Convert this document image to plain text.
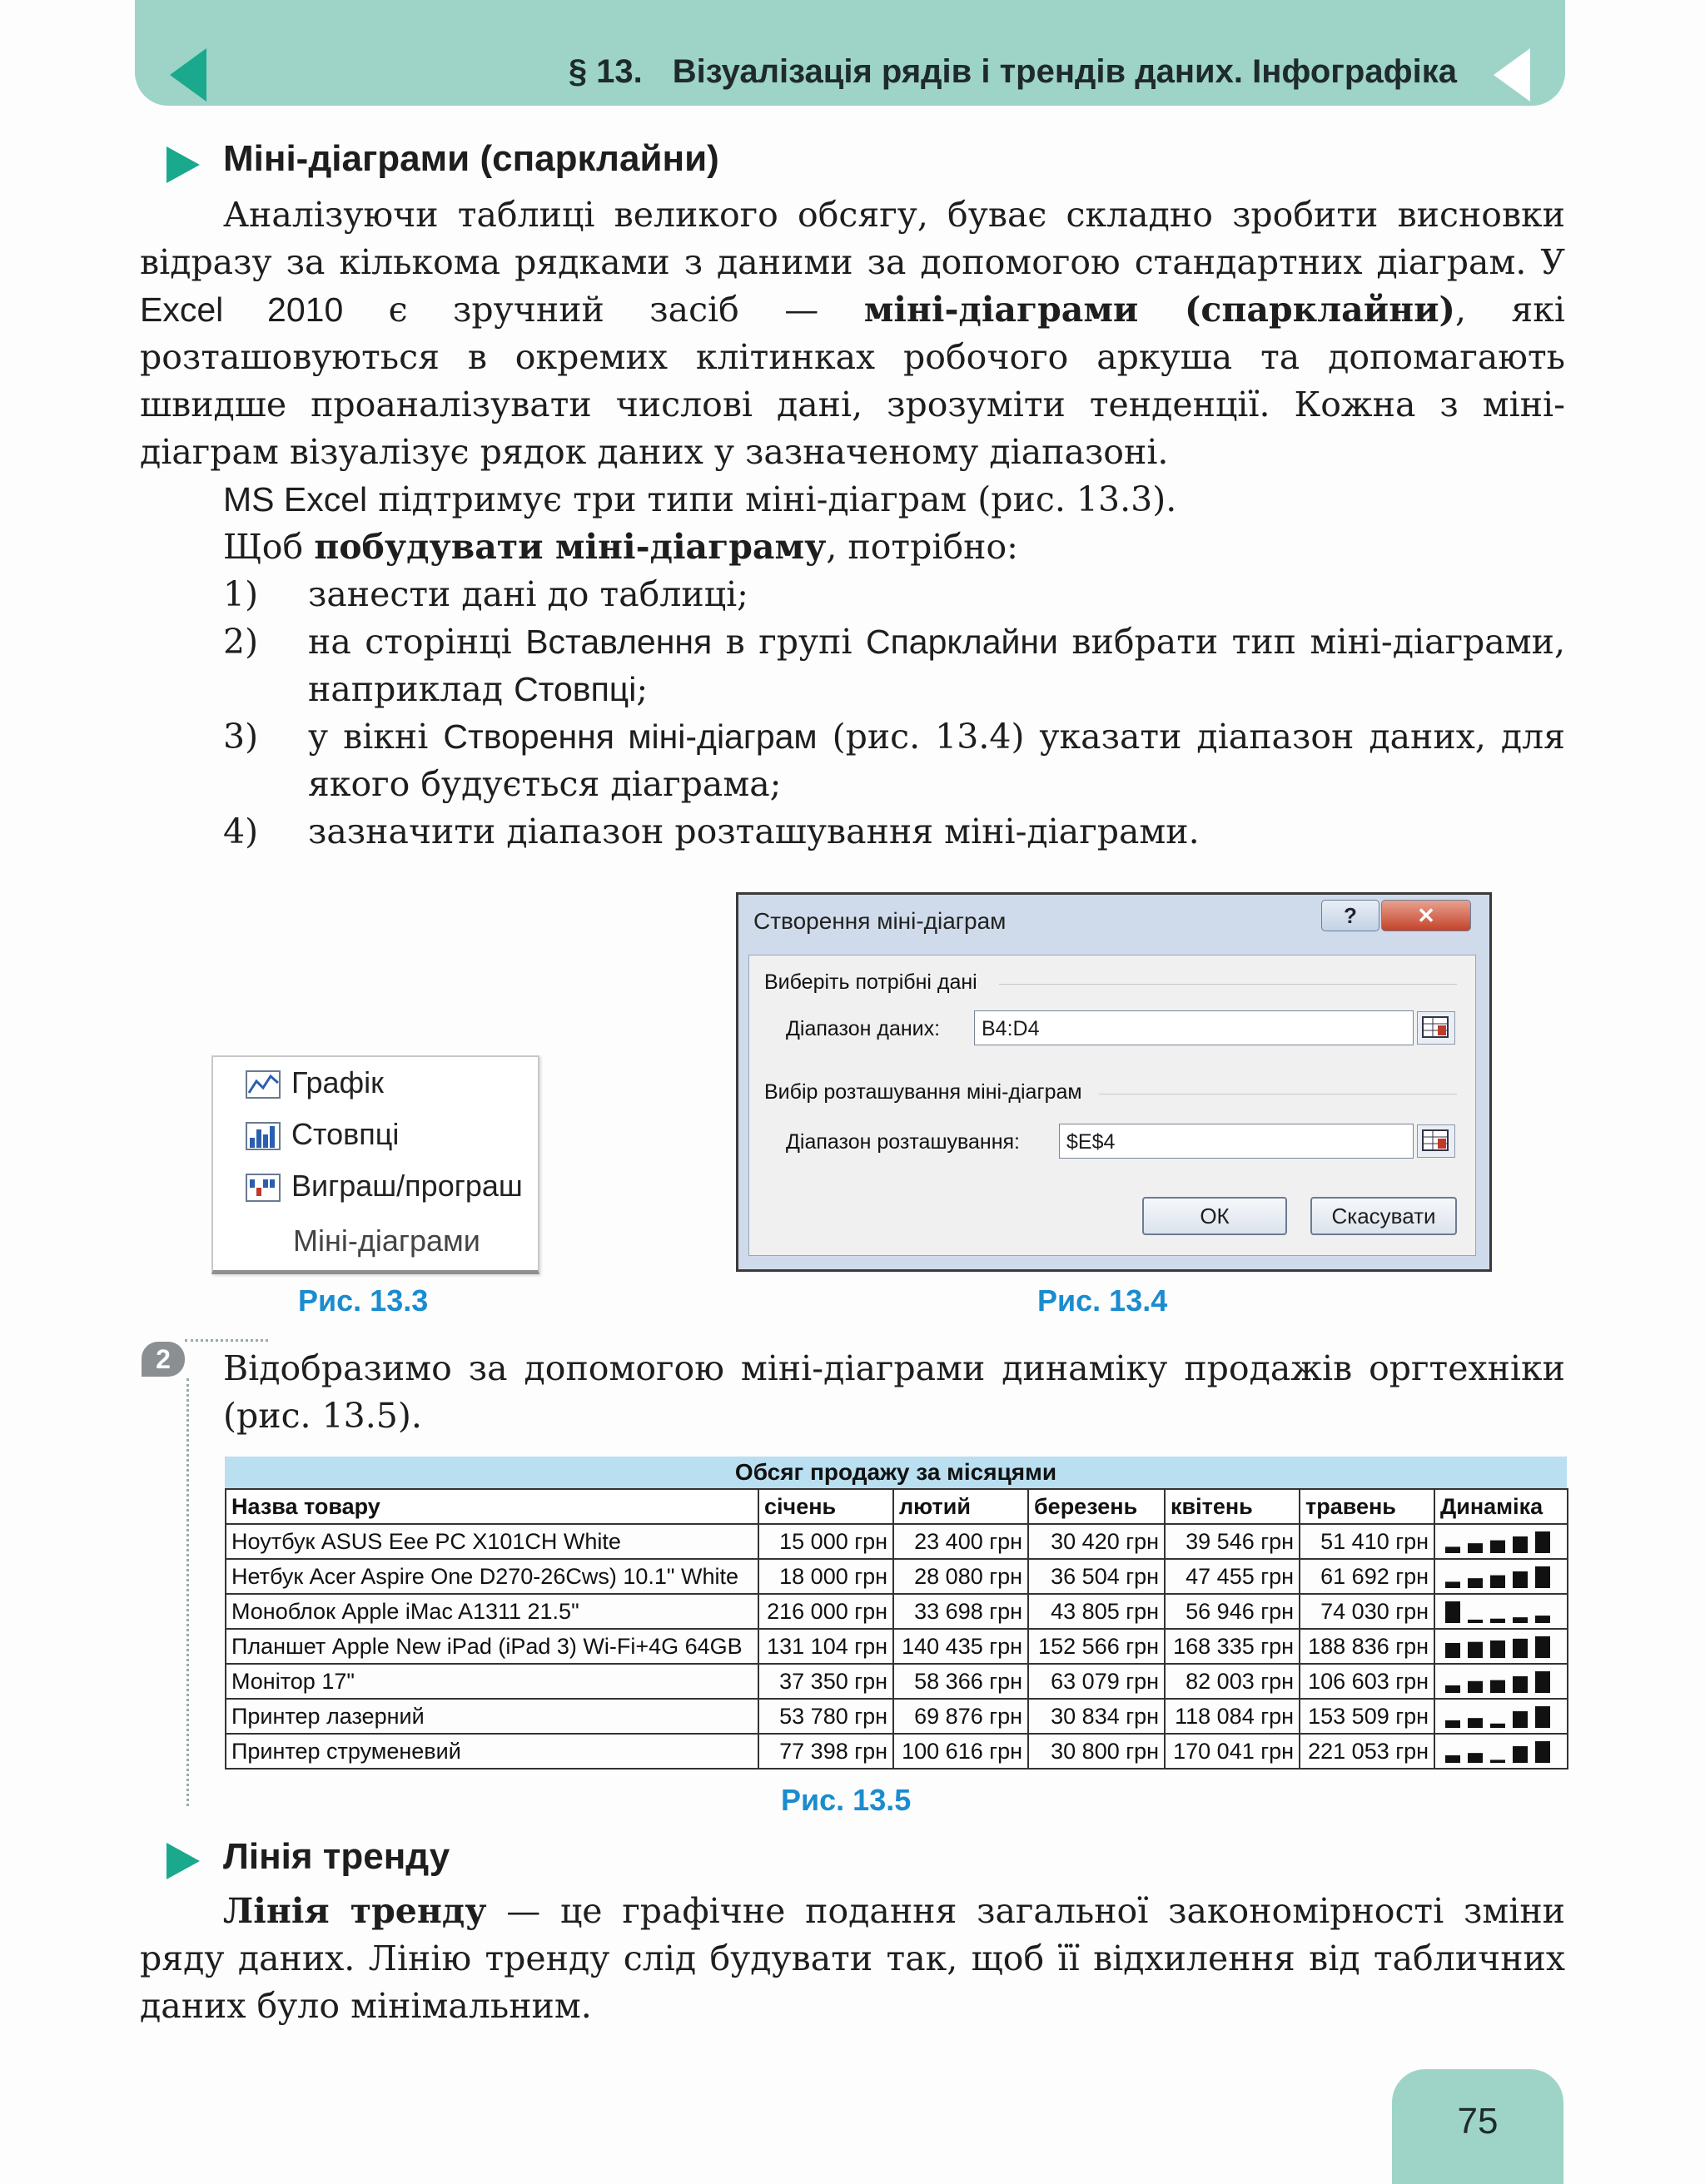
§ 13. Візуалізація рядів і трендів даних. Інфографіка
Міні-діаграми (спарклайни)

Аналізуючи таблиці великого обсягу, буває складно зробити висновки відразу за кількома рядками з даними за допомогою стандартних діаграм. У Excel 2010 є зручний засіб — міні-діаграми (спарклайни), які розташовуються в окремих клітинках робочого аркуша та допомагають швидше проаналізувати числові дані, зрозуміти тенденції. Кожна з міні-діаграм візуалізує рядок даних у зазначеному діапазоні.

MS Excel підтримує три типи міні-діаграм (рис. 13.3).

Щоб побудувати міні-діаграму, потрібно:

1) занести дані до таблиці;
2) на сторінці Вставлення в групі Спарклайни вибрати тип міні-діаграми, наприклад Стовпці;
3) у вікні Створення міні-діаграм (рис. 13.4) указати діапазон даних, для якого будується діаграма;
4) зазначити діапазон розташування міні-діаграми.
Графік
Стовпці
Виграш/програш
Міні-діаграми
Рис. 13.3
Створення міні-діаграм	?	✕
Виберіть потрібні дані
Діапазон даних:	B4:D4
Вибір розташування міні-діаграм
Діапазон розташування:	$E$4
ОК	Скасувати
Рис. 13.4
2	Відобразимо за допомогою міні-діаграми динаміку продажів оргтехніки (рис. 13.5).

Обсяг продажу за місяцями
Назва товару	січень	лютий	березень	квітень	травень	Динаміка
Ноутбук ASUS Eee PC X101CH White	15 000 грн	23 400 грн	30 420 грн	39 546 грн	51 410 грн	

Нетбук Acer Aspire One D270-26Cws) 10.1" White	18 000 грн	28 080 грн	36 504 грн	47 455 грн	61 692 грн	

Моноблок Apple iMac A1311 21.5"	216 000 грн	33 698 грн	43 805 грн	56 946 грн	74 030 грн	

Планшет Apple New iPad (iPad 3) Wi-Fi+4G 64GB	131 104 грн	140 435 грн	152 566 грн	168 335 грн	188 836 грн	

Монітор 17"	37 350 грн	58 366 грн	63 079 грн	82 003 грн	106 603 грн	

Принтер лазерний	53 780 грн	69 876 грн	30 834 грн	118 084 грн	153 509 грн	

Принтер струменевий	77 398 грн	100 616 грн	30 800 грн	170 041 грн	221 053 грн	
Рис. 13.5
Лінія тренду

Лінія тренду — це графічне подання загальної закономірності зміни ряду даних. Лінію тренду слід будувати так, щоб її відхилення від табличних даних було мінімальним.

75
